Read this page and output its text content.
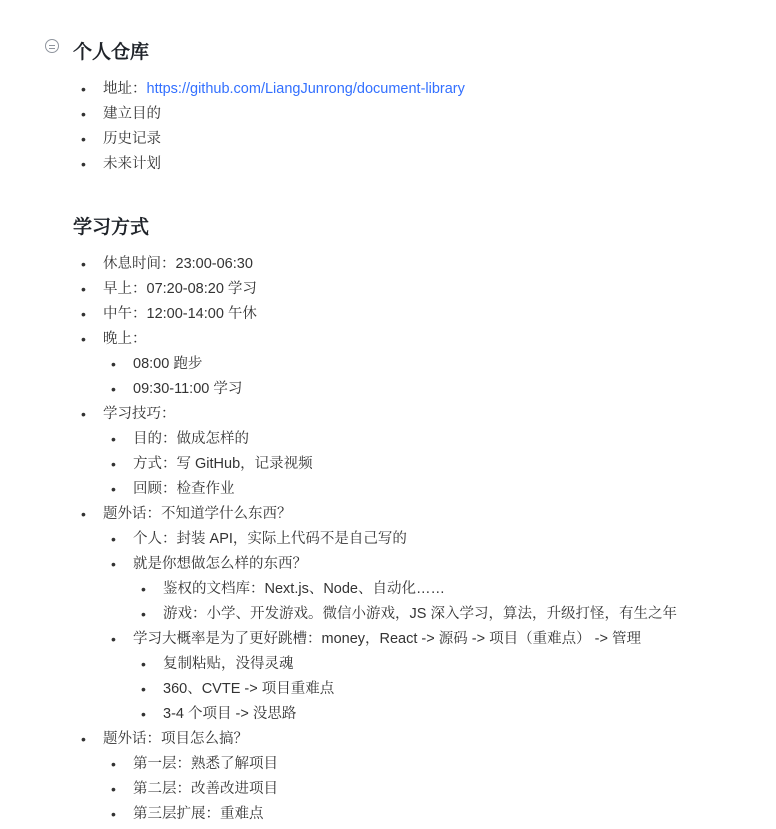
个人仓库
• 地址：https://github.com/LiangJunrong/document-library
• 建立目的
• 历史记录
• 未来计划
学习方式
• 休息时间：23:00-06:30
• 早上：07:20-08:20 学习
• 中午：12:00-14:00 午休
• 晚上：
• 08:00 跑步
• 09:30-11:00 学习
• 学习技巧：
• 目的：做成怎样的
• 方式：写 GitHub，记录视频
• 回顾：检查作业
• 题外话：不知道学什么东西？
• 个人：封装 API，实际上代码不是自己写的
• 就是你想做怎么样的东西？
• 鉴权的文档库：Next.js、Node、自动化……
• 游戏：小学、开发游戏。微信小游戏，JS 深入学习，算法，升级打怪，有生之年
• 学习大概率是为了更好跳槽：money，React -> 源码 -> 项目（重难点） -> 管理
• 复制粘贴，没得灵魂
• 360、CVTE -> 项目重难点
• 3-4 个项目 -> 没思路
• 题外话：项目怎么搞？
• 第一层：熟悉了解项目
• 第二层：改善改进项目
• 第三层扩展：重难点
